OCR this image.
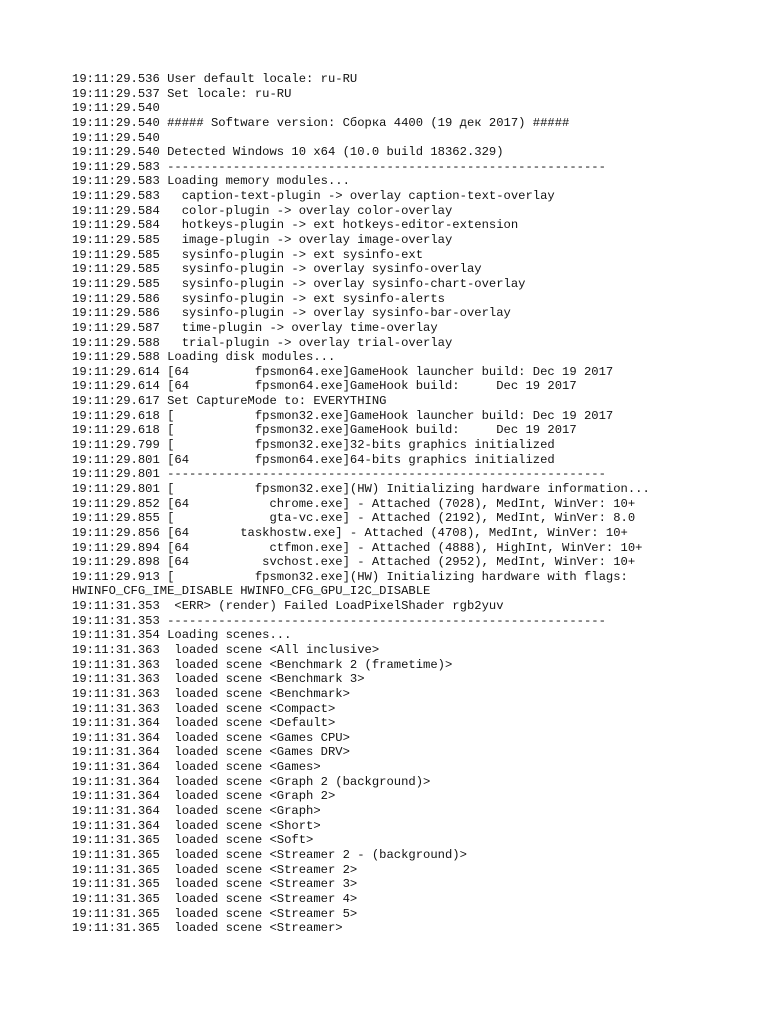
19:11:29.536 User default locale: ru-RU
19:11:29.537 Set locale: ru-RU
19:11:29.540
19:11:29.540 ##### Software version: Сборка 4400 (19 дек 2017) #####
19:11:29.540
19:11:29.540 Detected Windows 10 x64 (10.0 build 18362.329)
19:11:29.583 ------------------------------------------------------------
19:11:29.583 Loading memory modules...
19:11:29.583   caption-text-plugin -> overlay caption-text-overlay
19:11:29.584   color-plugin -> overlay color-overlay
19:11:29.584   hotkeys-plugin -> ext hotkeys-editor-extension
19:11:29.585   image-plugin -> overlay image-overlay
19:11:29.585   sysinfo-plugin -> ext sysinfo-ext
19:11:29.585   sysinfo-plugin -> overlay sysinfo-overlay
19:11:29.585   sysinfo-plugin -> overlay sysinfo-chart-overlay
19:11:29.586   sysinfo-plugin -> ext sysinfo-alerts
19:11:29.586   sysinfo-plugin -> overlay sysinfo-bar-overlay
19:11:29.587   time-plugin -> overlay time-overlay
19:11:29.588   trial-plugin -> overlay trial-overlay
19:11:29.588 Loading disk modules...
19:11:29.614 [64         fpsmon64.exe]GameHook launcher build: Dec 19 2017
19:11:29.614 [64         fpsmon64.exe]GameHook build:     Dec 19 2017
19:11:29.617 Set CaptureMode to: EVERYTHING
19:11:29.618 [           fpsmon32.exe]GameHook launcher build: Dec 19 2017
19:11:29.618 [           fpsmon32.exe]GameHook build:     Dec 19 2017
19:11:29.799 [           fpsmon32.exe]32-bits graphics initialized
19:11:29.801 [64         fpsmon64.exe]64-bits graphics initialized
19:11:29.801 ------------------------------------------------------------
19:11:29.801 [           fpsmon32.exe](HW) Initializing hardware information...
19:11:29.852 [64           chrome.exe] - Attached (7028), MedInt, WinVer: 10+
19:11:29.855 [             gta-vc.exe] - Attached (2192), MedInt, WinVer: 8.0
19:11:29.856 [64       taskhostw.exe] - Attached (4708), MedInt, WinVer: 10+
19:11:29.894 [64           ctfmon.exe] - Attached (4888), HighInt, WinVer: 10+
19:11:29.898 [64          svchost.exe] - Attached (2952), MedInt, WinVer: 10+
19:11:29.913 [           fpsmon32.exe](HW) Initializing hardware with flags:
HWINFO_CFG_IME_DISABLE HWINFO_CFG_GPU_I2C_DISABLE
19:11:31.353  <ERR> (render) Failed LoadPixelShader rgb2yuv
19:11:31.353 ------------------------------------------------------------
19:11:31.354 Loading scenes...
19:11:31.363  loaded scene <All inclusive>
19:11:31.363  loaded scene <Benchmark 2 (frametime)>
19:11:31.363  loaded scene <Benchmark 3>
19:11:31.363  loaded scene <Benchmark>
19:11:31.363  loaded scene <Compact>
19:11:31.364  loaded scene <Default>
19:11:31.364  loaded scene <Games CPU>
19:11:31.364  loaded scene <Games DRV>
19:11:31.364  loaded scene <Games>
19:11:31.364  loaded scene <Graph 2 (background)>
19:11:31.364  loaded scene <Graph 2>
19:11:31.364  loaded scene <Graph>
19:11:31.364  loaded scene <Short>
19:11:31.365  loaded scene <Soft>
19:11:31.365  loaded scene <Streamer 2 - (background)>
19:11:31.365  loaded scene <Streamer 2>
19:11:31.365  loaded scene <Streamer 3>
19:11:31.365  loaded scene <Streamer 4>
19:11:31.365  loaded scene <Streamer 5>
19:11:31.365  loaded scene <Streamer>
